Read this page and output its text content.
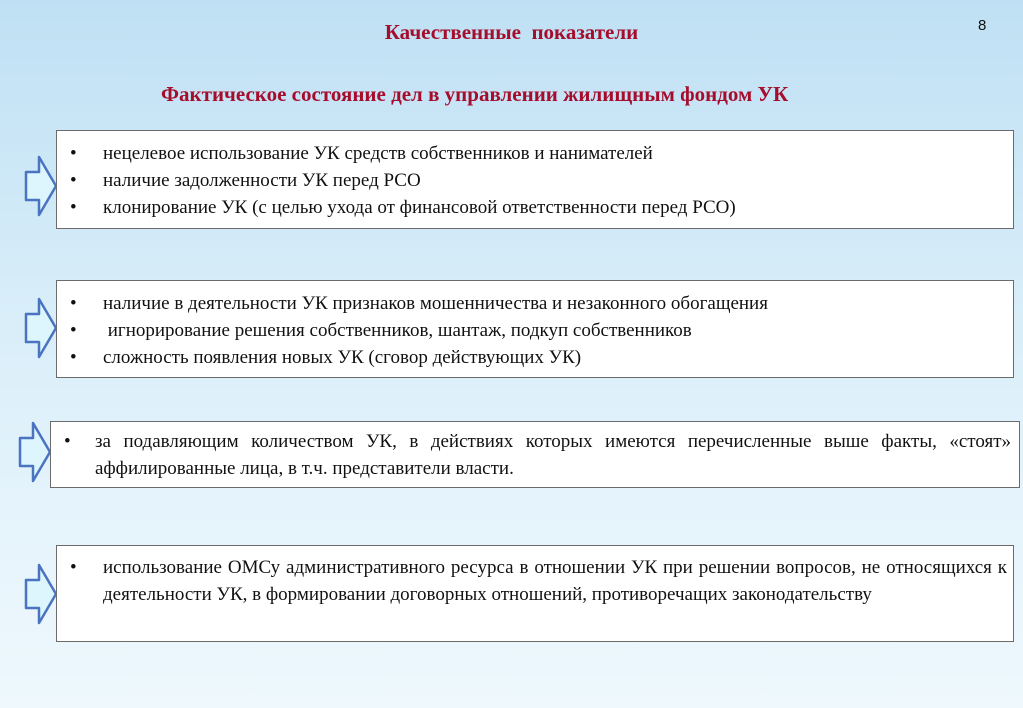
Качественные  показатели	8
Фактическое состояние дел в управлении жилищным фондом УК
• нецелевое использование УК средств собственников и нанимателей
• наличие задолженности УК перед РСО
• клонирование УК (с целью ухода от финансовой ответственности перед РСО)
• наличие в деятельности УК признаков мошенничества и незаконного обогащения
•  игнорирование решения собственников, шантаж, подкуп собственников
• сложность появления новых УК (сговор действующих УК)
• за подавляющим количеством УК, в действиях которых имеются перечисленные выше факты, «стоят» аффилированные лица, в т.ч. представители власти.
• использование ОМСу административного ресурса в отношении УК при решении вопросов, не относящихся к деятельности УК, в формировании договорных отношений, противоречащих законодательству
